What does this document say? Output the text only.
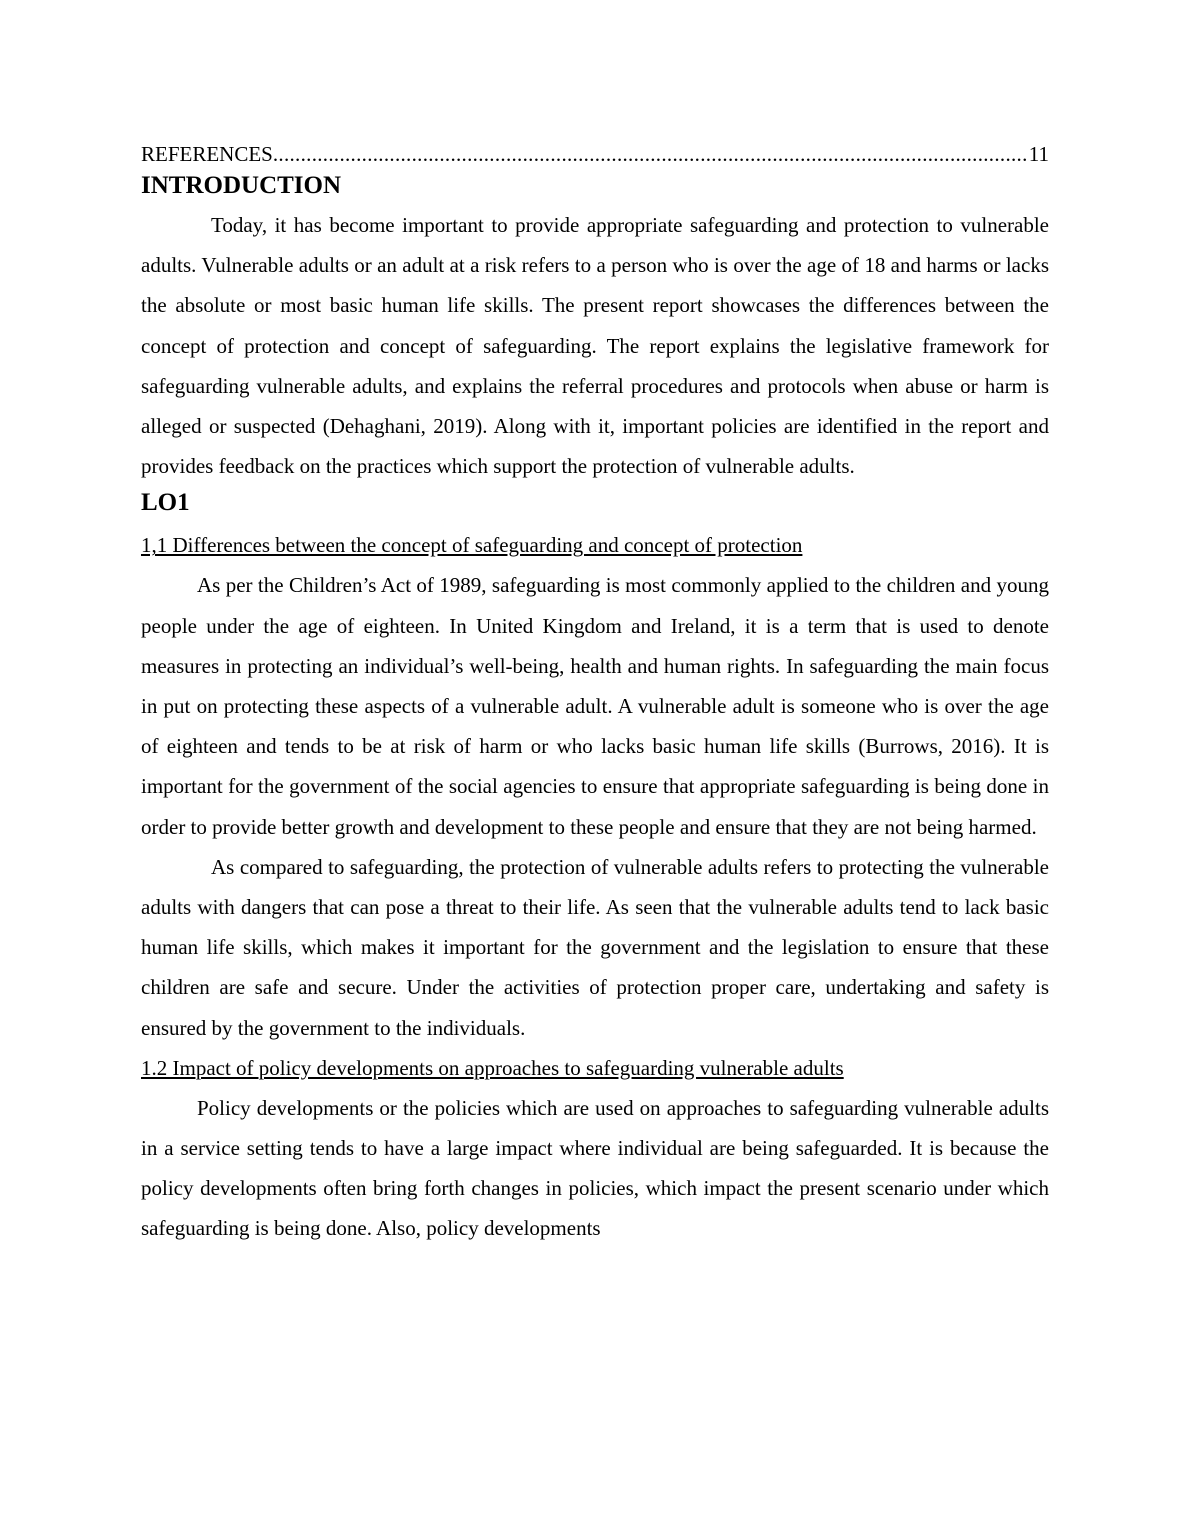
REFERENCES
.....	11
INTRODUCTION

Today, it has become important to provide appropriate safeguarding and protection to vulnerable adults. Vulnerable adults or an adult at a risk refers to a person who is over the age of 18 and harms or lacks the absolute or most basic human life skills. The present report showcases the differences between the concept of protection and concept of safeguarding. The report explains the legislative framework for safeguarding vulnerable adults, and explains the referral procedures and protocols when abuse or harm is alleged or suspected (Dehaghani, 2019). Along with it, important policies are identified in the report and provides feedback on the practices which support the protection of vulnerable adults.

LO1
1,1 Differences between the concept of safeguarding and concept of protection

As per the Children’s Act of 1989, safeguarding is most commonly applied to the children and young people under the age of eighteen. In United Kingdom and Ireland, it is a term that is used to denote measures in protecting an individual’s well-being, health and human rights. In safeguarding the main focus in put on protecting these aspects of a vulnerable adult. A vulnerable adult is someone who is over the age of eighteen and tends to be at risk of harm or who lacks basic human life skills (Burrows, 2016). It is important for the government of the social agencies to ensure that appropriate safeguarding is being done in order to provide better growth and development to these people and ensure that they are not being harmed.

As compared to safeguarding, the protection of vulnerable adults refers to protecting the vulnerable adults with dangers that can pose a threat to their life. As seen that the vulnerable adults tend to lack basic human life skills, which makes it important for the government and the legislation to ensure that these children are safe and secure. Under the activities of protection proper care, undertaking and safety is ensured by the government to the individuals.

1.2 Impact of policy developments on approaches to safeguarding vulnerable adults

Policy developments or the policies which are used on approaches to safeguarding vulnerable adults in a service setting tends to have a large impact where individual are being safeguarded. It is because the policy developments often bring forth changes in policies, which impact the present scenario under which safeguarding is being done. Also, policy developments
